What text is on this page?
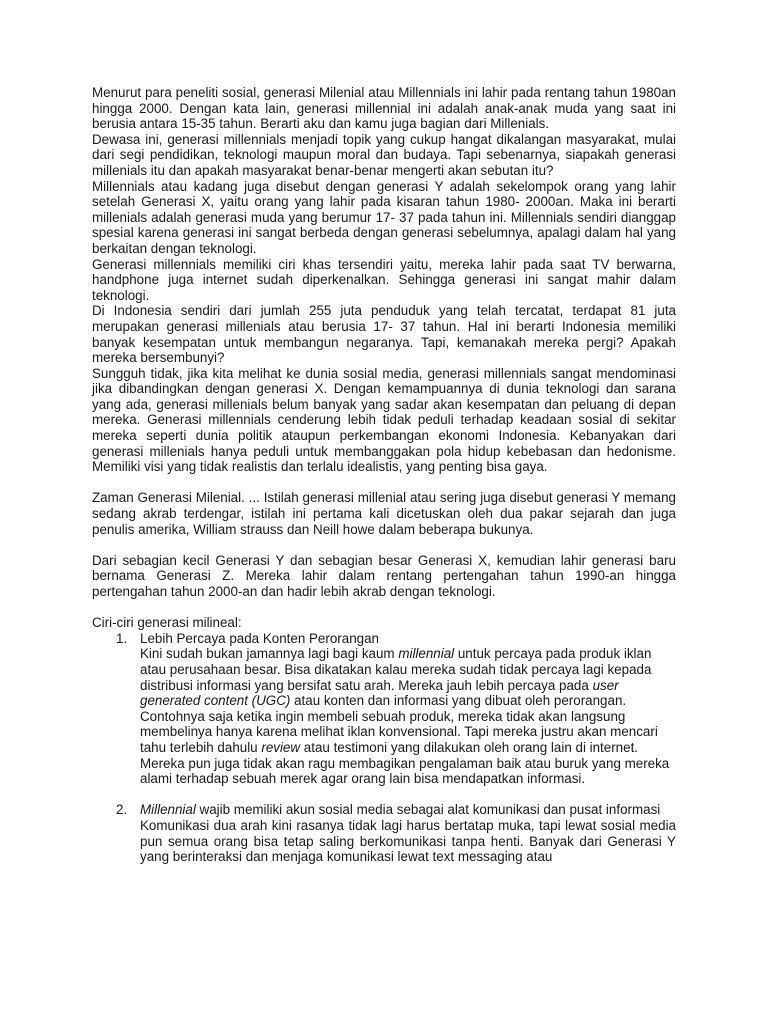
Menurut para peneliti sosial, generasi Milenial atau Millennials ini lahir pada rentang tahun 1980an hingga 2000. Dengan kata lain, generasi millennial ini adalah anak-anak muda yang saat ini berusia antara 15-35 tahun. Berarti aku dan kamu juga bagian dari Millenials.

Dewasa ini, generasi millennials menjadi topik yang cukup hangat dikalangan masyarakat, mulai dari segi pendidikan, teknologi maupun moral dan budaya. Tapi sebenarnya, siapakah generasi millenials itu dan apakah masyarakat benar-benar mengerti akan sebutan itu?

Millennials atau kadang juga disebut dengan generasi Y adalah sekelompok orang yang lahir setelah Generasi X, yaitu orang yang lahir pada kisaran tahun 1980- 2000an. Maka ini berarti millenials adalah generasi muda yang berumur 17- 37 pada tahun ini. Millennials sendiri dianggap spesial karena generasi ini sangat berbeda dengan generasi sebelumnya, apalagi dalam hal yang berkaitan dengan teknologi.

Generasi millennials memiliki ciri khas tersendiri yaitu, mereka lahir pada saat TV berwarna, handphone juga internet sudah diperkenalkan. Sehingga generasi ini sangat mahir dalam teknologi.

Di Indonesia sendiri dari jumlah 255 juta penduduk yang telah tercatat, terdapat 81 juta merupakan generasi millenials atau berusia 17- 37 tahun. Hal ini berarti Indonesia memiliki banyak kesempatan untuk membangun negaranya. Tapi, kemanakah mereka pergi? Apakah mereka bersembunyi?

Sungguh tidak, jika kita melihat ke dunia sosial media, generasi millennials sangat mendominasi jika dibandingkan dengan generasi X. Dengan kemampuannya di dunia teknologi dan sarana yang ada, generasi millenials belum banyak yang sadar akan kesempatan dan peluang di depan mereka. Generasi millennials cenderung lebih tidak peduli terhadap keadaan sosial di sekitar mereka seperti dunia politik ataupun perkembangan ekonomi Indonesia. Kebanyakan dari generasi millenials hanya peduli untuk membanggakan pola hidup kebebasan dan hedonisme. Memiliki visi yang tidak realistis dan terlalu idealistis, yang penting bisa gaya.

Zaman Generasi Milenial. ... Istilah generasi millenial atau sering juga disebut generasi Y memang sedang akrab terdengar, istilah ini pertama kali dicetuskan oleh dua pakar sejarah dan juga penulis amerika, William strauss dan Neill howe dalam beberapa bukunya.

Dari sebagian kecil Generasi Y dan sebagian besar Generasi X, kemudian lahir generasi baru bernama Generasi Z. Mereka lahir dalam rentang pertengahan tahun 1990-an hingga pertengahan tahun 2000-an dan hadir lebih akrab dengan teknologi.

Ciri-ciri generasi milineal:

1. Lebih Percaya pada Konten Perorangan

Kini sudah bukan jamannya lagi bagi kaum millennial untuk percaya pada produk iklan atau perusahaan besar. Bisa dikatakan kalau mereka sudah tidak percaya lagi kepada distribusi informasi yang bersifat satu arah. Mereka jauh lebih percaya pada user generated content (UGC) atau konten dan informasi yang dibuat oleh perorangan.

Contohnya saja ketika ingin membeli sebuah produk, mereka tidak akan langsung membelinya hanya karena melihat iklan konvensional. Tapi mereka justru akan mencari tahu terlebih dahulu review atau testimoni yang dilakukan oleh orang lain di internet. Mereka pun juga tidak akan ragu membagikan pengalaman baik atau buruk yang mereka alami terhadap sebuah merek agar orang lain bisa mendapatkan informasi.

2. Millennial wajib memiliki akun sosial media sebagai alat komunikasi dan pusat informasi

Komunikasi dua arah kini rasanya tidak lagi harus bertatap muka, tapi lewat sosial media pun semua orang bisa tetap saling berkomunikasi tanpa henti. Banyak dari Generasi Y yang berinteraksi dan menjaga komunikasi lewat text messaging atau
